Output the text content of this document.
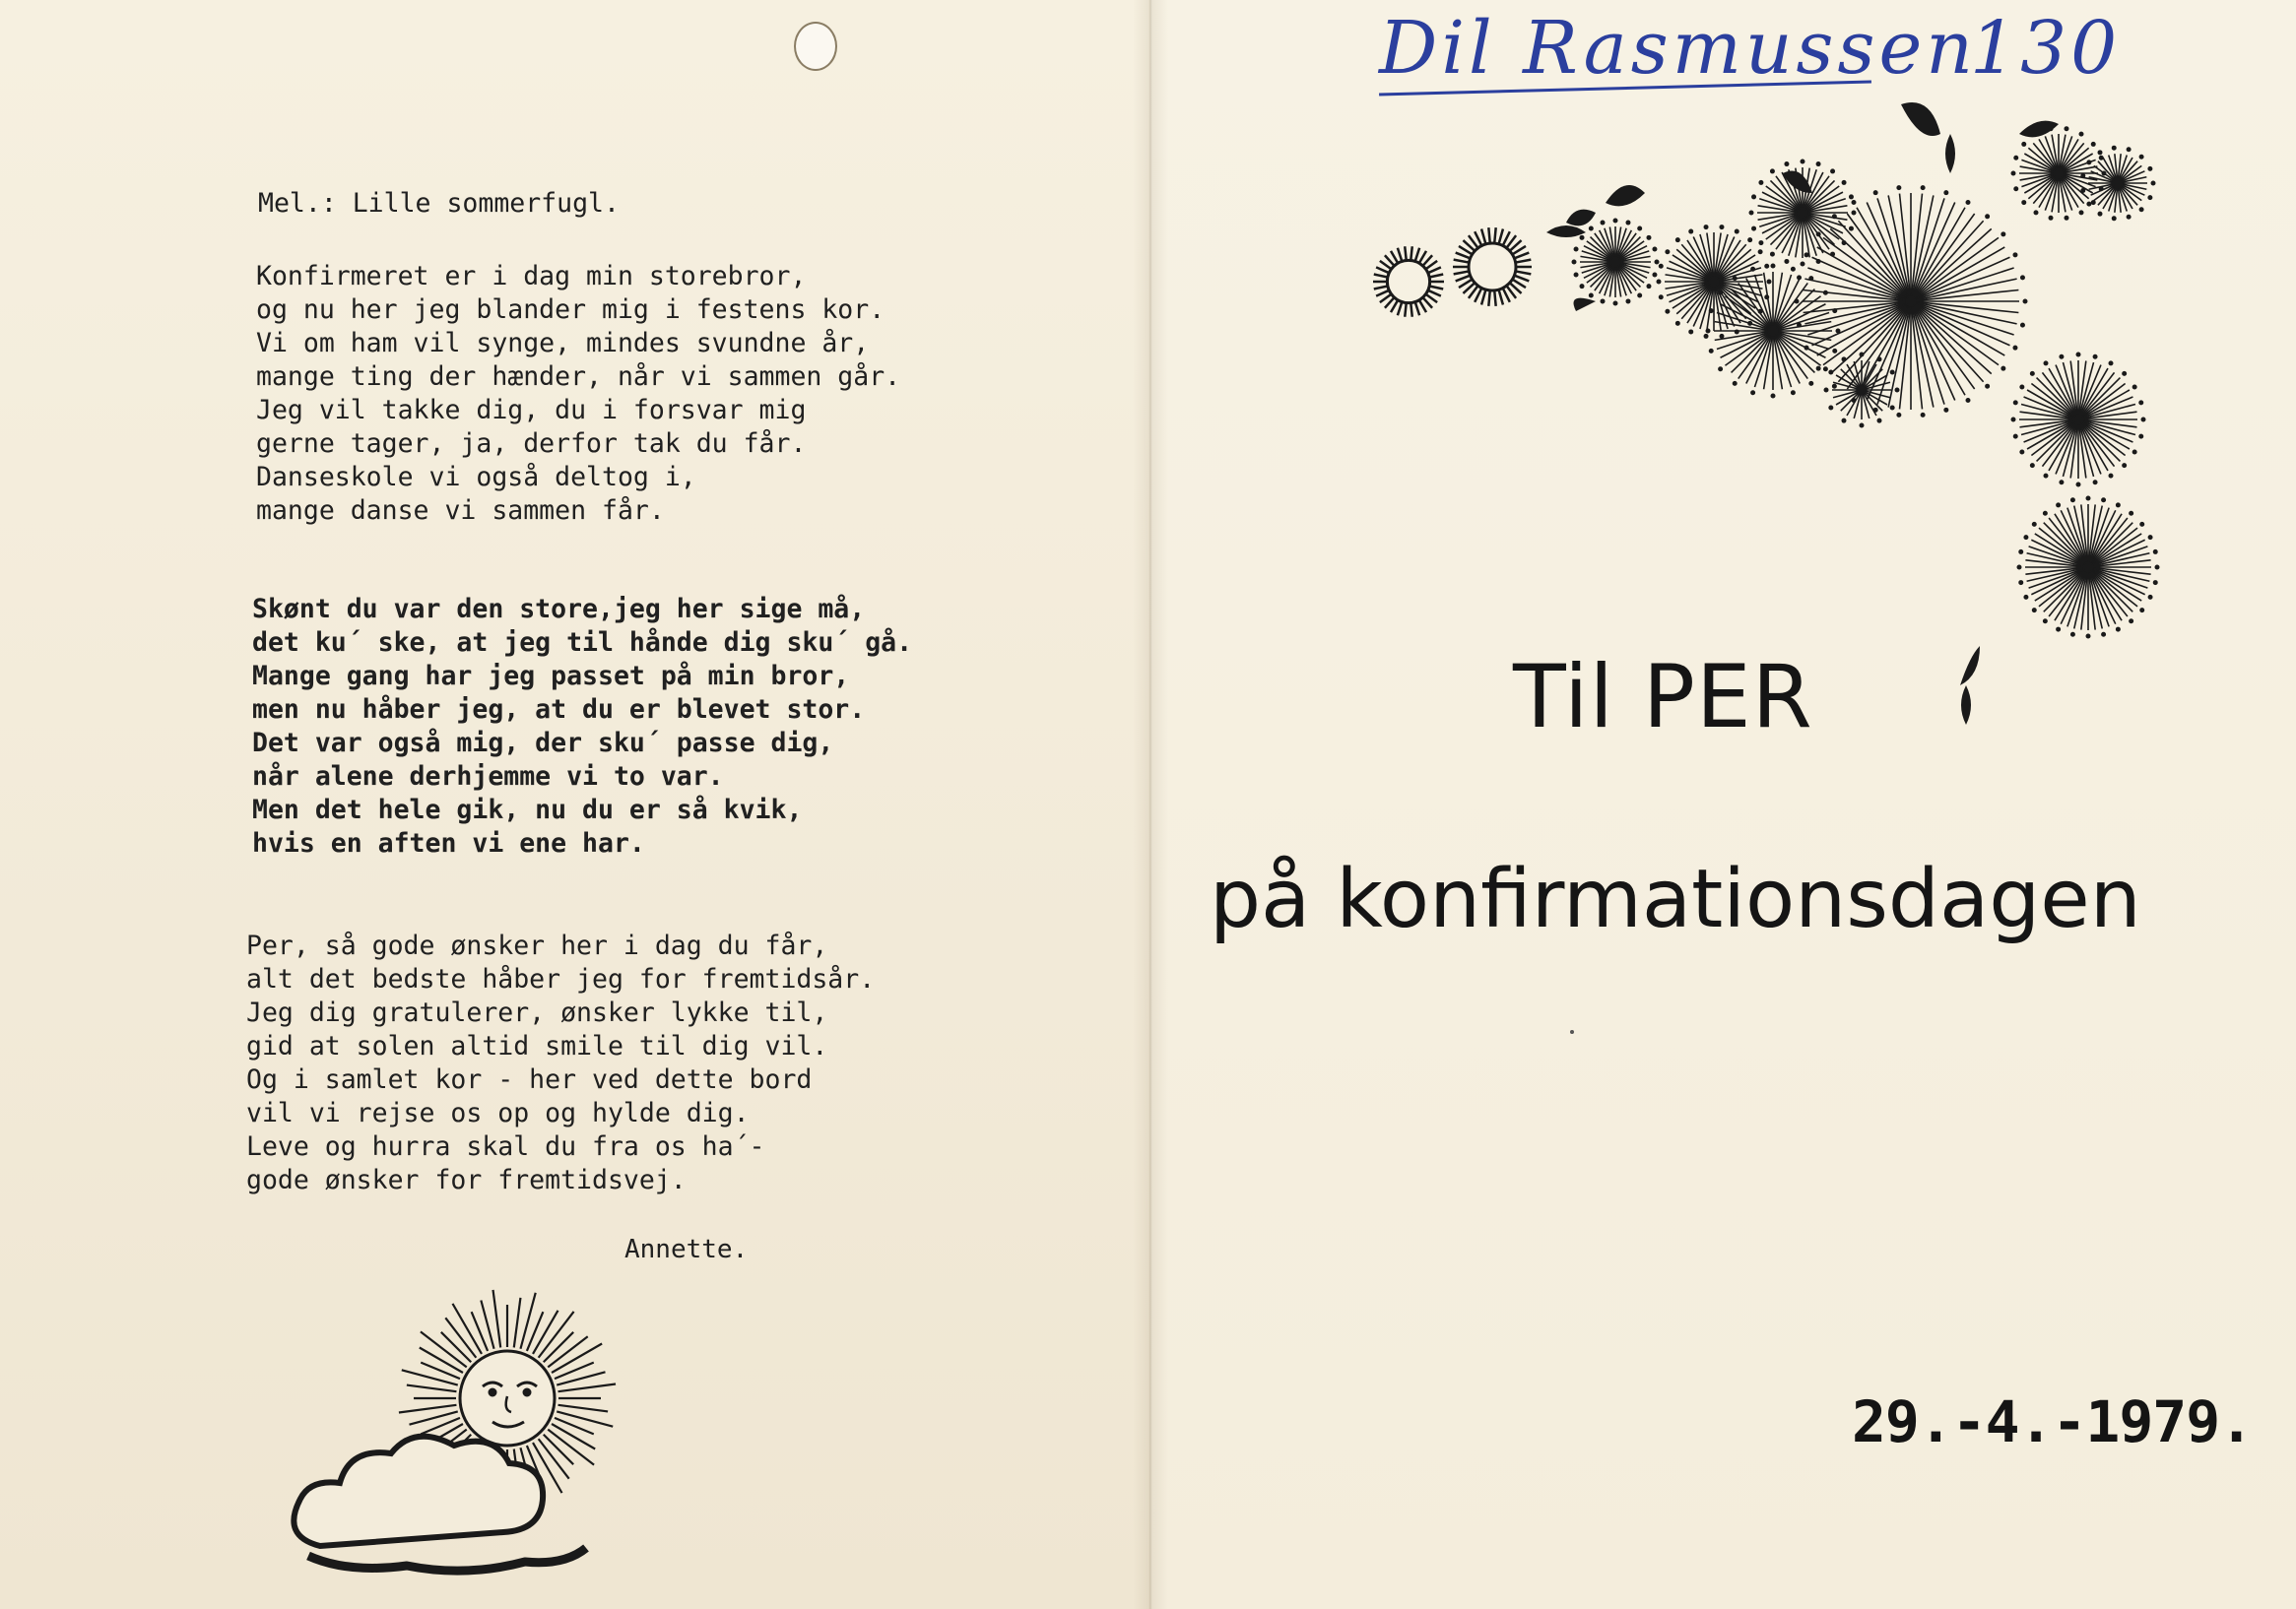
Mel.: Lille sommerfugl.
Konfirmeret er i dag min storebror,
og nu her jeg blander mig i festens kor.
Vi om ham vil synge, mindes svundne år,
mange ting der hænder, når vi sammen går.
Jeg vil takke dig, du i forsvar mig
gerne tager, ja, derfor tak du får.
Danseskole vi også deltog i,
mange danse vi sammen får.
Skønt du var den store,jeg her sige må,
det ku´ ske, at jeg til hånde dig sku´ gå.
Mange gang har jeg passet på min bror,
men nu håber jeg, at du er blevet stor.
Det var også mig, der sku´ passe dig,
når alene derhjemme vi to var.
Men det hele gik, nu du er så kvik,
hvis en aften vi ene har.
Per, så gode ønsker her i dag du får,
alt det bedste håber jeg for fremtidsår.
Jeg dig gratulerer, ønsker lykke til,
gid at solen altid smile til dig vil.
Og i samlet kor - her ved dette bord
vil vi rejse os op og hylde dig.
Leve og hurra skal du fra os ha´-
gode ønsker for fremtidsvej.
Annette.
Dil Rasmussen
130
Til PER
på konfirmationsdagen
29.-4.-1979.
